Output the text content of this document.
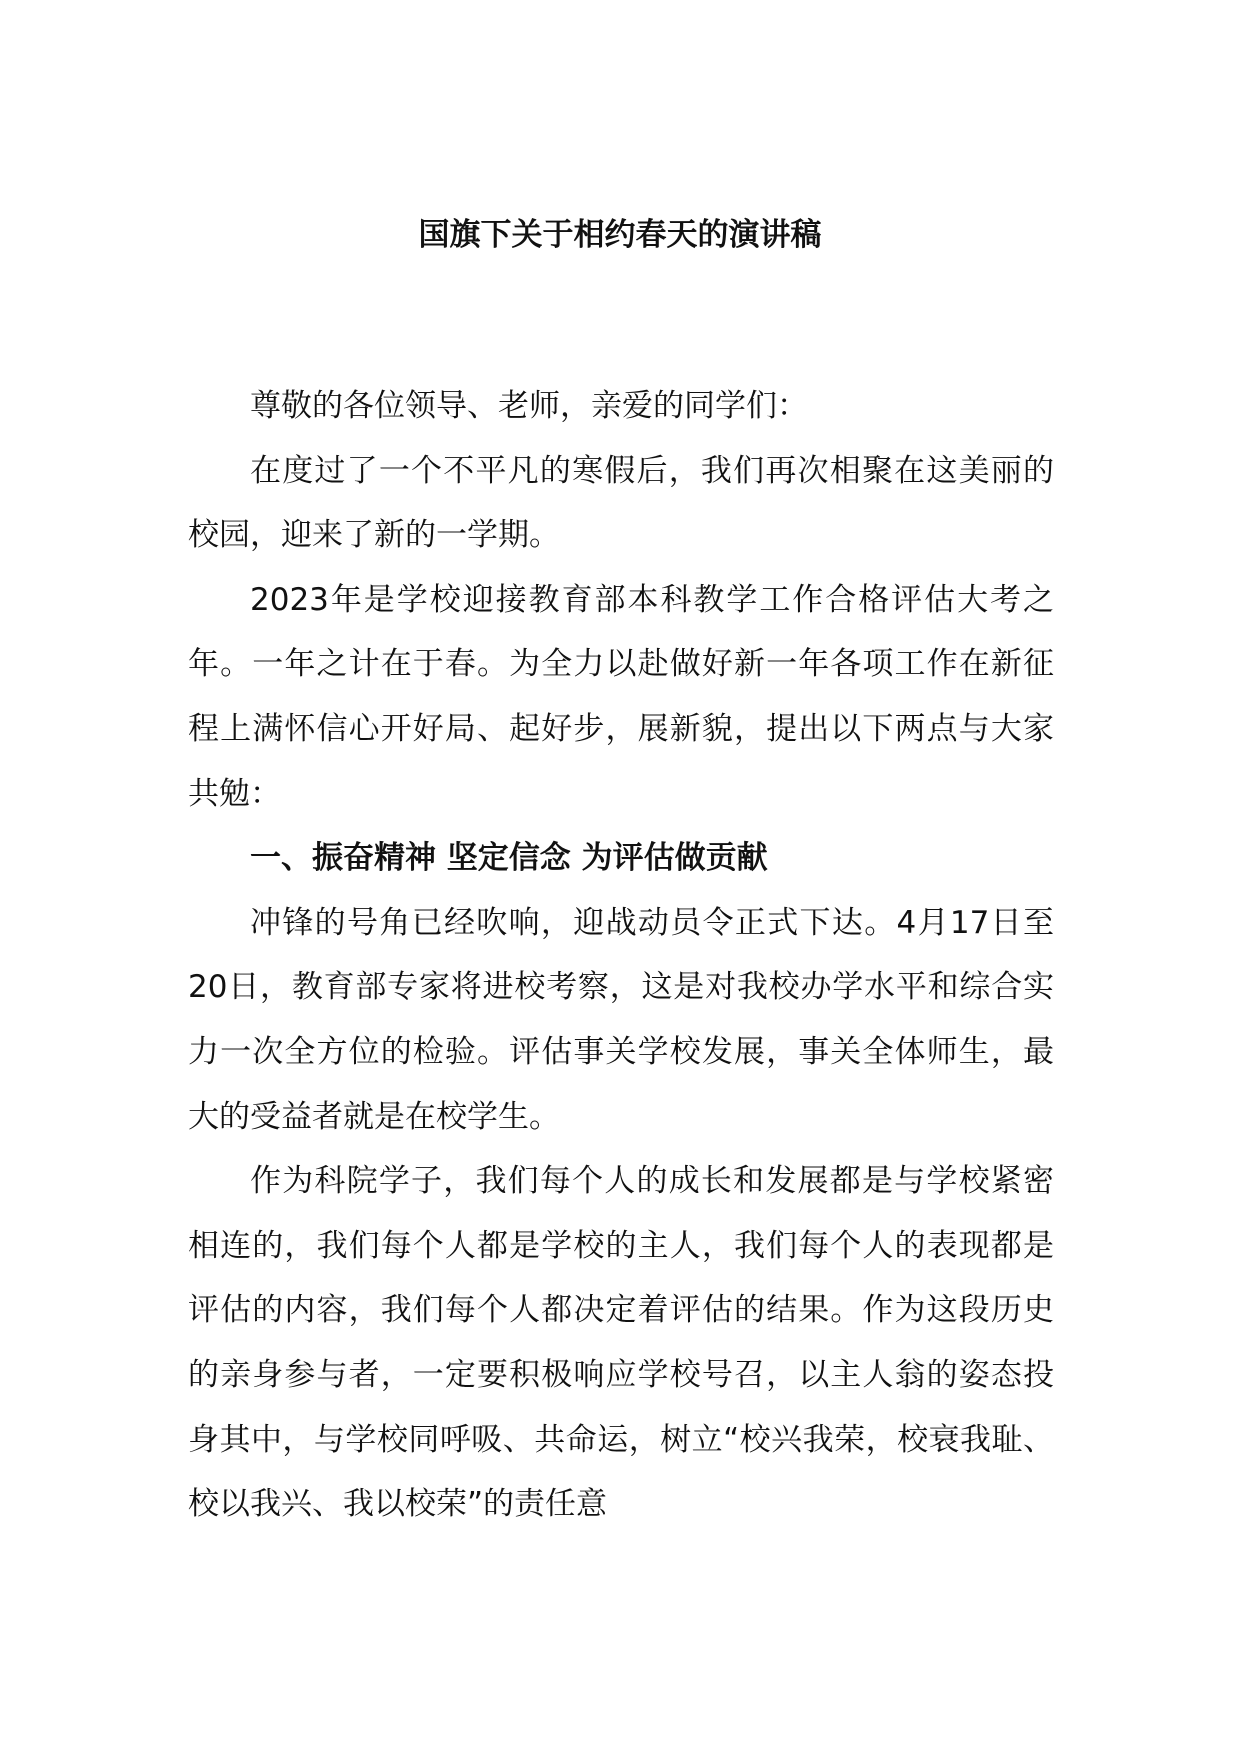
国旗下关于相约春天的演讲稿

尊敬的各位领导、老师，亲爱的同学们：

在度过了一个不平凡的寒假后，我们再次相聚在这美丽的校园，迎来了新的一学期。

2023年是学校迎接教育部本科教学工作合格评估大考之年。一年之计在于春。为全力以赴做好新一年各项工作在新征程上满怀信心开好局、起好步，展新貌，提出以下两点与大家共勉：

一、振奋精神 坚定信念 为评估做贡献

冲锋的号角已经吹响，迎战动员令正式下达。4月17日至20日，教育部专家将进校考察，这是对我校办学水平和综合实力一次全方位的检验。评估事关学校发展，事关全体师生，最大的受益者就是在校学生。

作为科院学子，我们每个人的成长和发展都是与学校紧密相连的，我们每个人都是学校的主人，我们每个人的表现都是评估的内容，我们每个人都决定着评估的结果。作为这段历史的亲身参与者，一定要积极响应学校号召，以主人翁的姿态投身其中，与学校同呼吸、共命运，树立“校兴我荣，校衰我耻、校以我兴、我以校荣”的责任意
